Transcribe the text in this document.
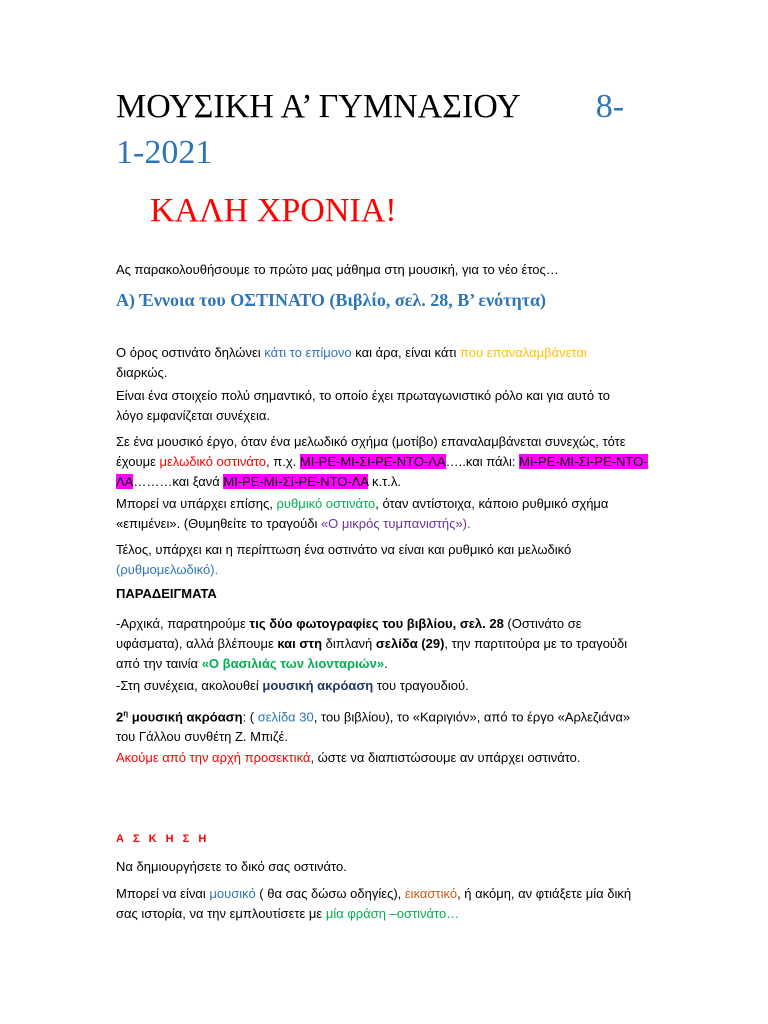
ΜΟΥΣΙΚΗ Α’ ΓΥΜΝΑΣΙΟΥ 8-
1-2021
ΚΑΛΗ ΧΡΟΝΙΑ!

Ας παρακολουθήσουμε το πρώτο μας μάθημα στη μουσική, για το νέο έτος…

Α) Έννοια του ΟΣΤΙΝΑΤΟ (Βιβλίο, σελ. 28, Β’ ενότητα)

Ο όρος οστινάτο δηλώνει κάτι το επίμονο και άρα, είναι κάτι που επαναλαμβάνεται
διαρκώς.

Είναι ένα στοιχείο πολύ σημαντικό, το οποίο έχει πρωταγωνιστικό ρόλο και για αυτό το
λόγο εμφανίζεται συνέχεια.

Σε ένα μουσικό έργο, όταν ένα μελωδικό σχήμα (μοτίβο) επαναλαμβάνεται συνεχώς, τότε
έχουμε μελωδικό οστινάτο, π.χ. ΜΙ-ΡΕ-ΜΙ-ΣΙ-ΡΕ-ΝΤΟ-ΛΑ…..και πάλι: ΜΙ-ΡΕ-ΜΙ-ΣΙ-ΡΕ-ΝΤΟ-
ΛΑ………και ξανά ΜΙ-ΡΕ-ΜΙ-ΣΙ-ΡΕ-ΝΤΟ-ΛΑ κ.τ.λ.

Μπορεί να υπάρχει επίσης, ρυθμικό οστινάτο, όταν αντίστοιχα, κάποιο ρυθμικό σχήμα
«επιμένει». (Θυμηθείτε το τραγούδι «Ο μικρός τυμπανιστής»).

Τέλος, υπάρχει και η περίπτωση ένα οστινάτο να είναι και ρυθμικό και μελωδικό
(ρυθμομελωδικό).

ΠΑΡΑΔΕΙΓΜΑΤΑ

-Αρχικά, παρατηρούμε τις δύο φωτογραφίες του βιβλίου, σελ. 28 (Οστινάτο σε
υφάσματα), αλλά βλέπουμε και στη διπλανή σελίδα (29), την παρτιτούρα με το τραγούδι
από την ταινία «Ο βασιλιάς των λιονταριών».

-Στη συνέχεια, ακολουθεί μουσική ακρόαση του τραγουδιού.

$2^\eta$ μουσική ακρόαση: ( σελίδα 30, του βιβλίου), το «Καριγιόν», από το έργο «Αρλεζιάνα»
του Γάλλου συνθέτη Ζ. Μπιζέ.

Ακούμε από την αρχή προσεκτικά, ώστε να διαπιστώσουμε αν υπάρχει οστινάτο.

Α Σ Κ Η Σ Η

Να δημιουργήσετε το δικό σας οστινάτο.

Μπορεί να είναι μουσικό ( θα σας δώσω οδηγίες), εικαστικό, ή ακόμη, αν φτιάξετε μία δική
σας ιστορία, να την εμπλουτίσετε με μία φράση –οστινάτο…
